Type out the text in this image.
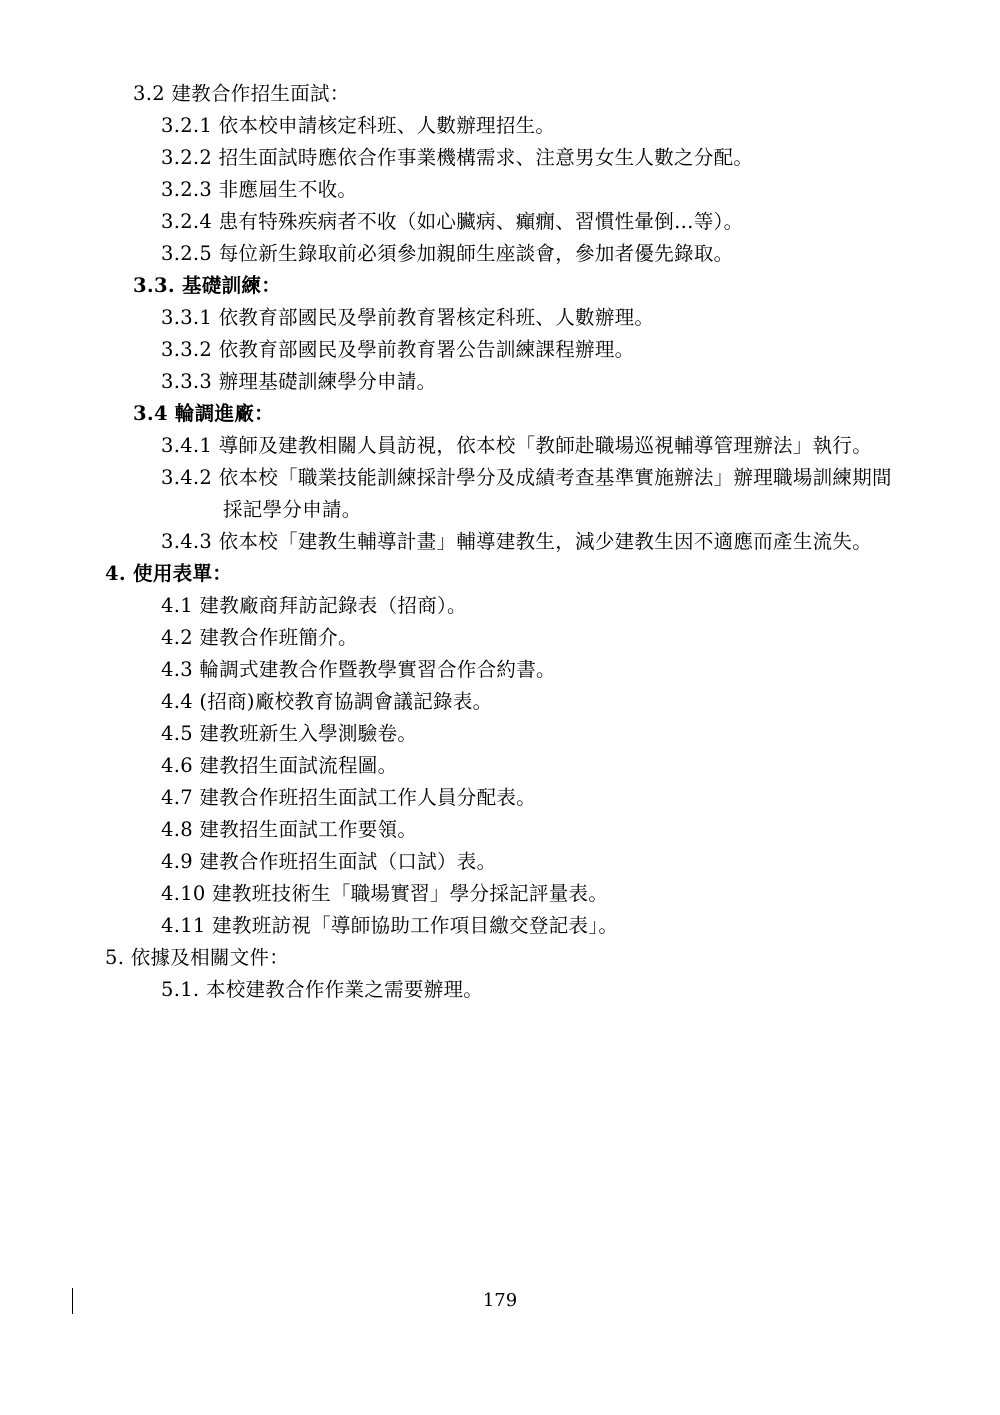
3.2 建教合作招生面試：
3.2.1 依本校申請核定科班、人數辦理招生。
3.2.2 招生面試時應依合作事業機構需求、注意男女生人數之分配。
3.2.3 非應屆生不收。
3.2.4 患有特殊疾病者不收（如心臟病、癲癇、習慣性暈倒…等）。
3.2.5 每位新生錄取前必須參加親師生座談會，參加者優先錄取。
3.3. 基礎訓練：
3.3.1 依教育部國民及學前教育署核定科班、人數辦理。
3.3.2 依教育部國民及學前教育署公告訓練課程辦理。
3.3.3 辦理基礎訓練學分申請。
3.4 輪調進廠：
3.4.1 導師及建教相關人員訪視，依本校「教師赴職場巡視輔導管理辦法」執行。
3.4.2 依本校「職業技能訓練採計學分及成績考查基準實施辦法」辦理職場訓練期間
採記學分申請。
3.4.3 依本校「建教生輔導計畫」輔導建教生，減少建教生因不適應而產生流失。
4. 使用表單：
4.1 建教廠商拜訪記錄表（招商）。
4.2 建教合作班簡介。
4.3 輪調式建教合作暨教學實習合作合約書。
4.4 (招商)廠校教育協調會議記錄表。
4.5 建教班新生入學測驗卷。
4.6 建教招生面試流程圖。
4.7 建教合作班招生面試工作人員分配表。
4.8 建教招生面試工作要領。
4.9 建教合作班招生面試（口試）表。
4.10 建教班技術生「職場實習」學分採記評量表。
4.11 建教班訪視「導師協助工作項目繳交登記表」。
5. 依據及相關文件：
5.1. 本校建教合作作業之需要辦理。
179
